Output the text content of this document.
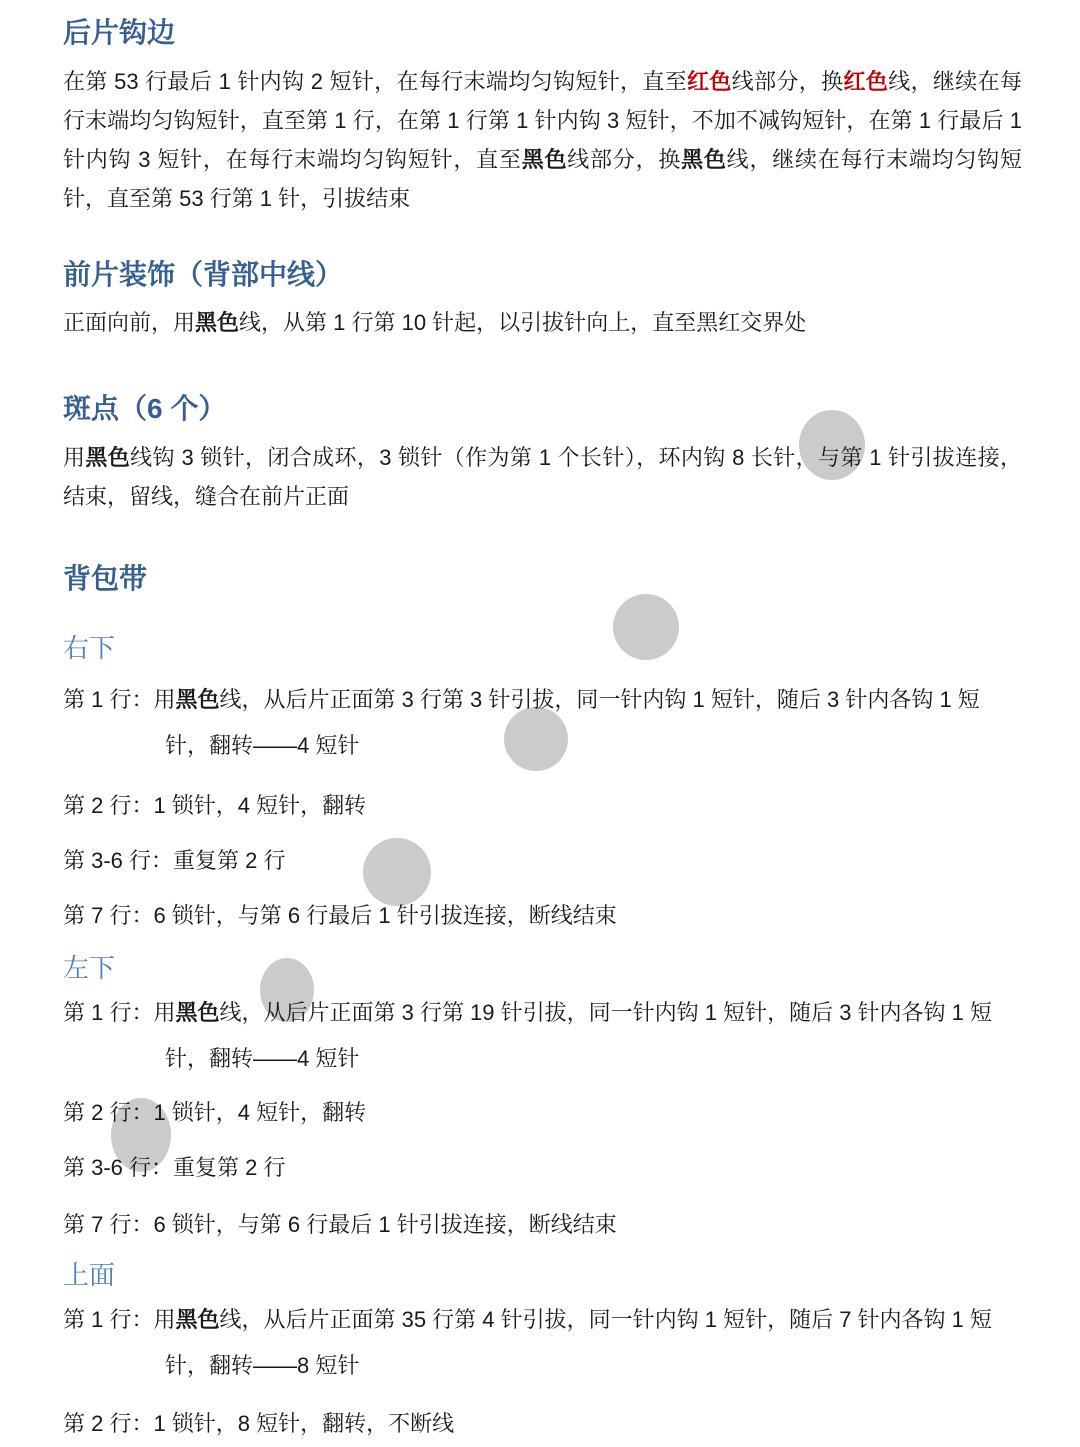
后片钩边
在第 53 行最后 1 针内钩 2 短针，在每行末端均匀钩短针，直至红色线部分，换红色线，继续在每行末端均匀钩短针，直至第 1 行，在第 1 行第 1 针内钩 3 短针，不加不减钩短针，在第 1 行最后 1 针内钩 3 短针，在每行末端均匀钩短针，直至黑色线部分，换黑色线，继续在每行末端均匀钩短针，直至第 53 行第 1 针，引拔结束
前片装饰（背部中线）
正面向前，用黑色线，从第 1 行第 10 针起，以引拔针向上，直至黑红交界处
斑点（6 个）
用黑色线钩 3 锁针，闭合成环，3 锁针（作为第 1 个长针），环内钩 8 长针，与第 1 针引拔连接，结束，留线，缝合在前片正面
背包带
右下
第 1 行：用黑色线，从后片正面第 3 行第 3 针引拔，同一针内钩 1 短针，随后 3 针内各钩 1 短针，翻转——4 短针
第 2 行：1 锁针，4 短针，翻转
第 3-6 行：重复第 2 行
第 7 行：6 锁针，与第 6 行最后 1 针引拔连接，断线结束
左下
第 1 行：用黑色线，从后片正面第 3 行第 19 针引拔，同一针内钩 1 短针，随后 3 针内各钩 1 短针，翻转——4 短针
第 2 行：1 锁针，4 短针，翻转
第 3-6 行：重复第 2 行
第 7 行：6 锁针，与第 6 行最后 1 针引拔连接，断线结束
上面
第 1 行：用黑色线，从后片正面第 35 行第 4 针引拔，同一针内钩 1 短针，随后 7 针内各钩 1 短针，翻转——8 短针
第 2 行：1 锁针，8 短针，翻转，不断线
